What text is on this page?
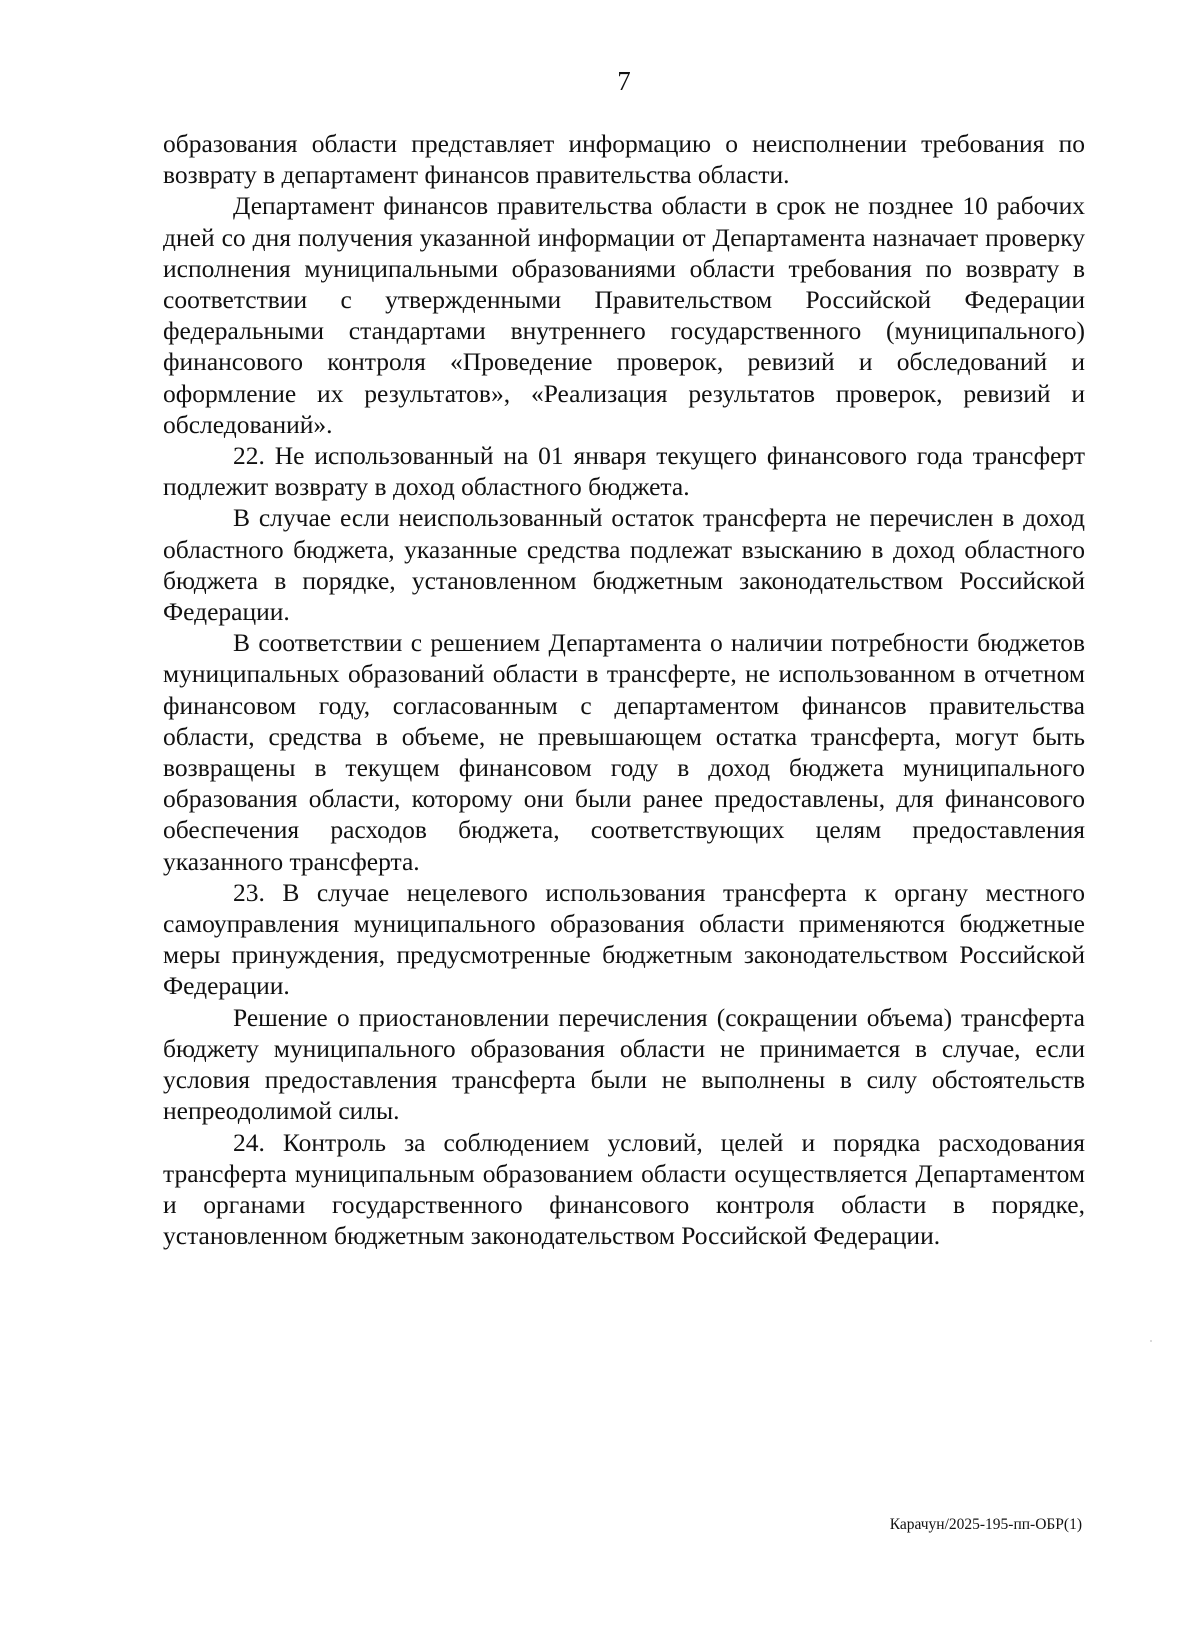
7

образования области представляет информацию о неисполнении требования по возврату в департамент финансов правительства области.

Департамент финансов правительства области в срок не позднее 10 рабочих дней со дня получения указанной информации от Департамента назначает проверку исполнения муниципальными образованиями области требования по возврату в соответствии с утвержденными Правительством Российской Федерации федеральными стандартами внутреннего государственного (муниципального) финансового контроля «Проведение проверок, ревизий и обследований и оформление их результатов», «Реализация результатов проверок, ревизий и обследований».

22. Не использованный на 01 января текущего финансового года трансферт подлежит возврату в доход областного бюджета.

В случае если неиспользованный остаток трансферта не перечислен в доход областного бюджета, указанные средства подлежат взысканию в доход областного бюджета в порядке, установленном бюджетным законодательством Российской Федерации.

В соответствии с решением Департамента о наличии потребности бюджетов муниципальных образований области в трансферте, не использованном в отчетном финансовом году, согласованным с департаментом финансов правительства области, средства в объеме, не превышающем остатка трансферта, могут быть возвращены в текущем финансовом году в доход бюджета муниципального образования области, которому они были ранее предоставлены, для финансового обеспечения расходов бюджета, соответствующих целям предоставления указанного трансферта.

23. В случае нецелевого использования трансферта к органу местного самоуправления муниципального образования области применяются бюджетные меры принуждения, предусмотренные бюджетным законодательством Российской Федерации.

Решение о приостановлении перечисления (сокращении объема) трансферта бюджету муниципального образования области не принимается в случае, если условия предоставления трансферта были не выполнены в силу обстоятельств непреодолимой силы.

24. Контроль за соблюдением условий, целей и порядка расходования трансферта муниципальным образованием области осуществляется Департаментом и органами государственного финансового контроля области в порядке, установленном бюджетным законодательством Российской Федерации.

Карачун/2025-195-пп-ОБР(1)
